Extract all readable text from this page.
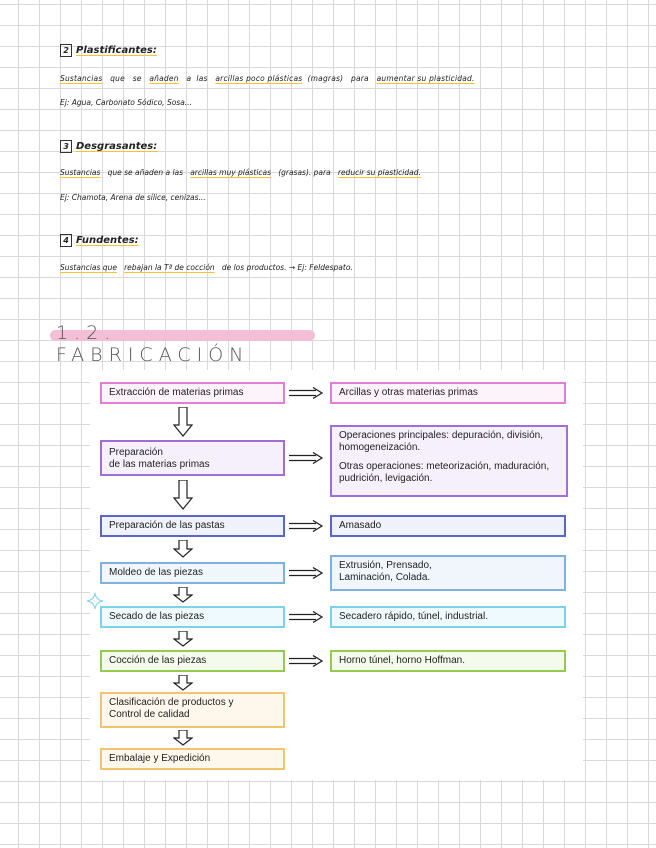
2 Plastificantes:
Sustancias que se añaden a las arcillas poco plásticas (magras) para aumentar su plasticidad.
Ej: Agua, Carbonato Sódico, Sosa...
3 Desgrasantes:
Sustancias que se añaden a las arcillas muy plásticas (grasas). para reducir su plasticidad.
Ej: Chamota, Arena de sílice, cenizas...
4 Fundentes:
Sustancias que rebajan la Tª de cocción de los productos. → Ej: Feldespato.
1.2. FABRICACIÓN
Extracción de materias primas
Preparación
de las materias primas
Preparación de las pastas
Moldeo de las piezas
Secado de las piezas
Cocción de las piezas
Clasificación de productos y
Control de calidad
Embalaje y Expedición
Arcillas y otras materias primas
Operaciones principales: depuración, división, homogeneización.
Otras operaciones: meteorización, maduración, pudrición, levigación.
Amasado
Extrusión, Prensado,
Laminación, Colada.
Secadero rápido, túnel, industrial.
Horno túnel, horno Hoffman.
